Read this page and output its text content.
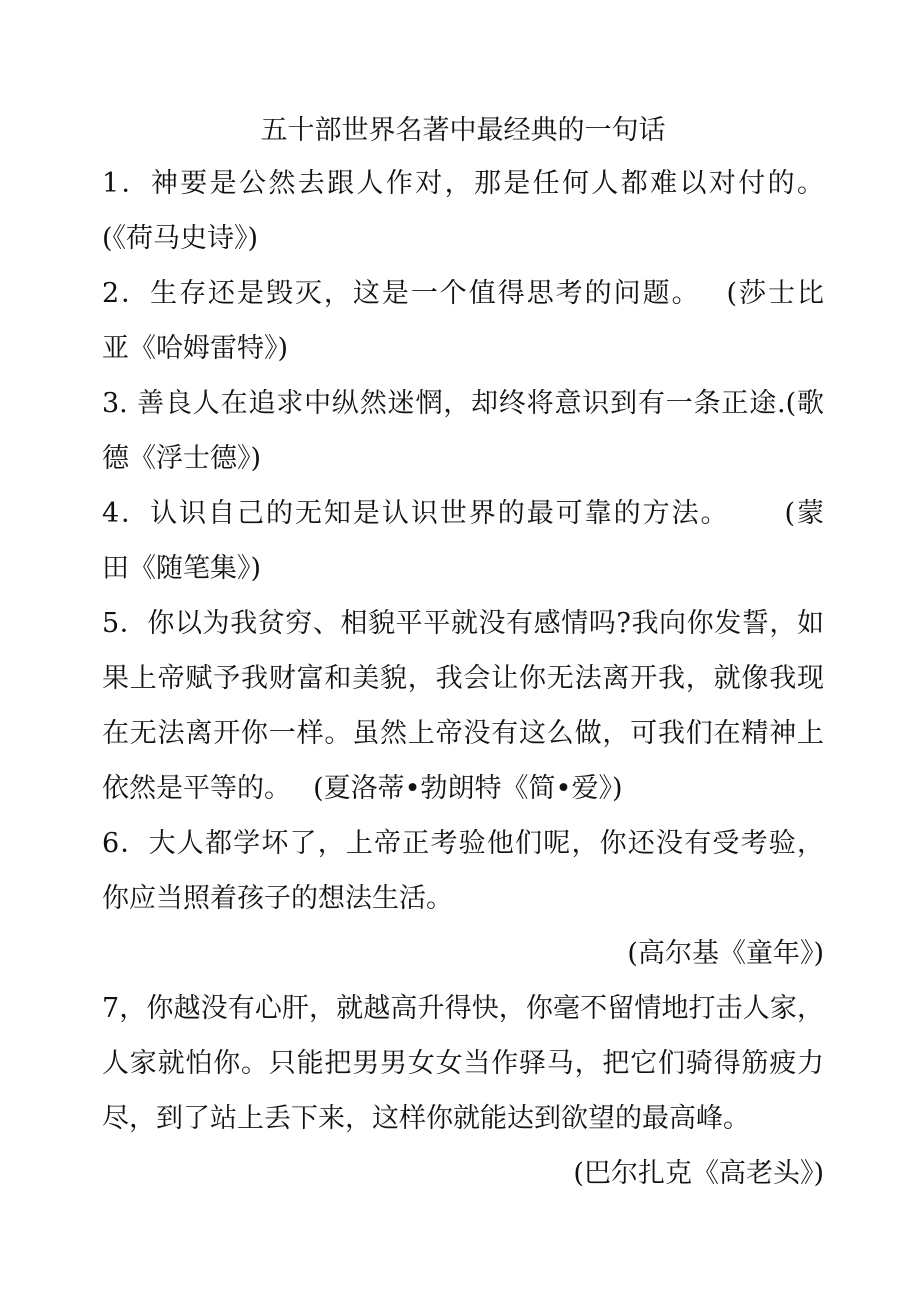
五十部世界名著中最经典的一句话
1．神要是公然去跟人作对，那是任何人都难以对付的。
(《荷马史诗》)
2．生存还是毁灭，这是一个值得思考的问题。　 (莎士比
亚《哈姆雷特》)
3. 善良人在追求中纵然迷惘，却终将意识到有一条正途.(歌
德《浮士德》)
4．认识自己的无知是认识世界的最可靠的方法。　　 (蒙
田《随笔集》)
5．你以为我贫穷、相貌平平就没有感情吗?我向你发誓，如
果上帝赋予我财富和美貌，我会让你无法离开我，就像我现
在无法离开你一样。虽然上帝没有这么做，可我们在精神上
依然是平等的。　 (夏洛蒂•勃朗特《简•爱》)
6．大人都学坏了，上帝正考验他们呢，你还没有受考验，
你应当照着孩子的想法生活。
(高尔基《童年》)
7，你越没有心肝，就越高升得快，你毫不留情地打击人家，
人家就怕你。只能把男男女女当作驿马，把它们骑得筋疲力
尽，到了站上丢下来，这样你就能达到欲望的最高峰。
(巴尔扎克《高老头》)
